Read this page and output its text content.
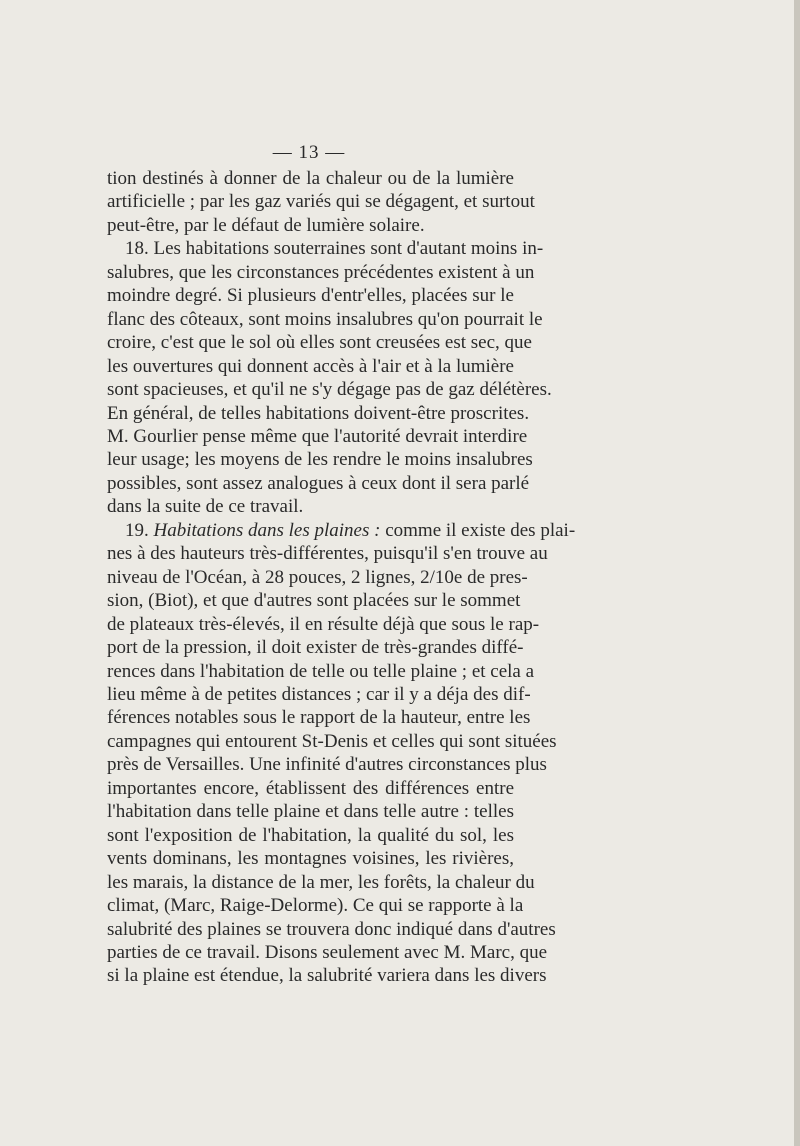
— 13 —
tion destinés à donner de la chaleur ou de la lumière
artificielle ; par les gaz variés qui se dégagent, et surtout
peut-être, par le défaut de lumière solaire.
18. Les habitations souterraines sont d'autant moins in-
salubres, que les circonstances précédentes existent à un
moindre degré. Si plusieurs d'entr'elles, placées sur le
flanc des côteaux, sont moins insalubres qu'on pourrait le
croire, c'est que le sol où elles sont creusées est sec, que
les ouvertures qui donnent accès à l'air et à la lumière
sont spacieuses, et qu'il ne s'y dégage pas de gaz délétères.
En général, de telles habitations doivent-être proscrites.
M. Gourlier pense même que l'autorité devrait interdire
leur usage; les moyens de les rendre le moins insalubres
possibles, sont assez analogues à ceux dont il sera parlé
dans la suite de ce travail.
19. Habitations dans les plaines : comme il existe des plai-
nes à des hauteurs très-différentes, puisqu'il s'en trouve au
niveau de l'Océan, à 28 pouces, 2 lignes, 2/10e de pres-
sion, (Biot), et que d'autres sont placées sur le sommet
de plateaux très-élevés, il en résulte déjà que sous le rap-
port de la pression, il doit exister de très-grandes diffé-
rences dans l'habitation de telle ou telle plaine ; et cela a
lieu même à de petites distances ; car il y a déja des dif-
férences notables sous le rapport de la hauteur, entre les
campagnes qui entourent St-Denis et celles qui sont situées
près de Versailles. Une infinité d'autres circonstances plus
importantes encore, établissent des différences entre
l'habitation dans telle plaine et dans telle autre : telles
sont l'exposition de l'habitation, la qualité du sol, les
vents dominans, les montagnes voisines, les rivières,
les marais, la distance de la mer, les forêts, la chaleur du
climat, (Marc, Raige-Delorme). Ce qui se rapporte à la
salubrité des plaines se trouvera donc indiqué dans d'autres
parties de ce travail. Disons seulement avec M. Marc, que
si la plaine est étendue, la salubrité variera dans les divers
